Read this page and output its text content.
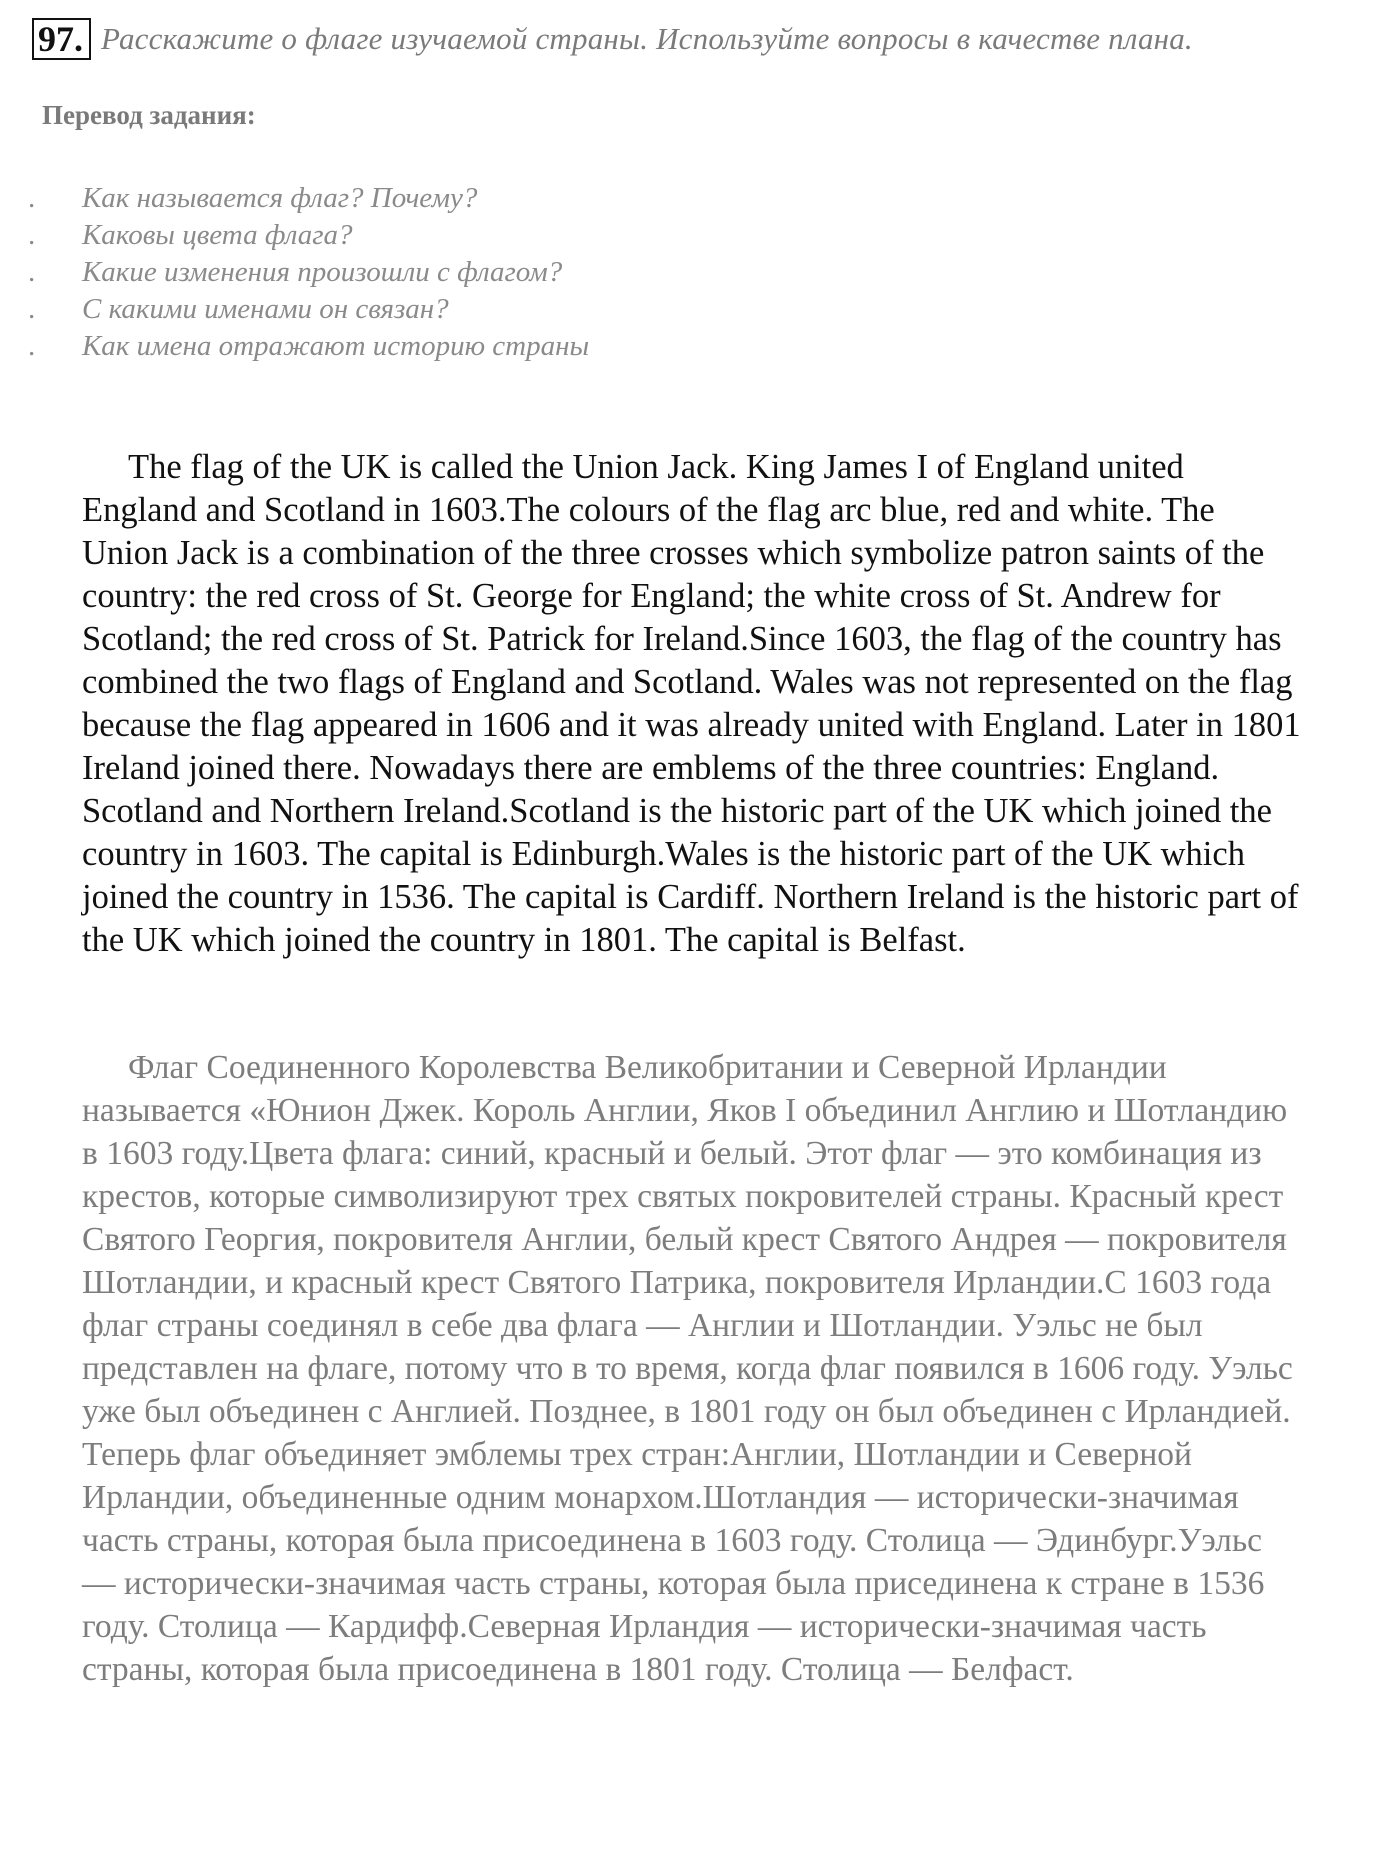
97. Расскажите о флаге изучаемой страны. Используйте вопросы в качестве плана.
Перевод задания:
. Как называется флаг? Почему?
. Каковы цвета флага?
. Какие изменения произошли с флагом?
. С какими именами он связан?
. Как имена отражают историю страны

The flag of the UK is called the Union Jack. King James I of England united England and Scotland in 1603.The colours of the flag arc blue, red and white. The Union Jack is a combination of the three crosses which symbolize patron saints of the country: the red cross of St. George for England; the white cross of St. Andrew for Scotland; the red cross of St. Patrick for Ireland.Since 1603, the flag of the country has combined the two flags of England and Scotland. Wales was not represented on the flag because the flag appeared in 1606 and it was already united with England. Later in 1801 Ireland joined there. Nowadays there are emblems of the three countries: England. Scotland and Northern Ireland.Scotland is the historic part of the UK which joined the country in 1603. The capital is Edinburgh.Wales is the historic part of the UK which joined the country in 1536. The capital is Cardiff. Northern Ireland is the historic part of the UK which joined the country in 1801. The capital is Belfast.

Флаг Соединенного Королевства Великобритании и Северной Ирландии называется «Юнион Джек. Король Англии, Яков I объединил Англию и Шотландию в 1603 году.Цвета флага: синий, красный и белый. Этот флаг — это комбинация из крестов, которые символизируют трех святых покровителей страны. Красный крест Святого Георгия, покровителя Англии, белый крест Святого Андрея — покровителя Шотландии, и красный крест Святого Патрика, покровителя Ирландии.С 1603 года флаг страны соединял в себе два флага — Англии и Шотландии. Уэльс не был представлен на флаге, потому что в то время, когда флаг появился в 1606 году. Уэльс уже был объединен с Англией. Позднее, в 1801 году он был объединен с Ирландией. Теперь флаг объединяет эмблемы трех стран:Англии, Шотландии и Северной Ирландии, объединенные одним монархом.Шотландия — исторически-значимая часть страны, которая была присоединена в 1603 году. Столица — Эдинбург.Уэльс — исторически-значимая часть страны, которая была присединена к стране в 1536 году. Столица — Кардифф.Северная Ирландия — исторически-значимая часть страны, которая была присоединена в 1801 году. Столица — Белфаст.
